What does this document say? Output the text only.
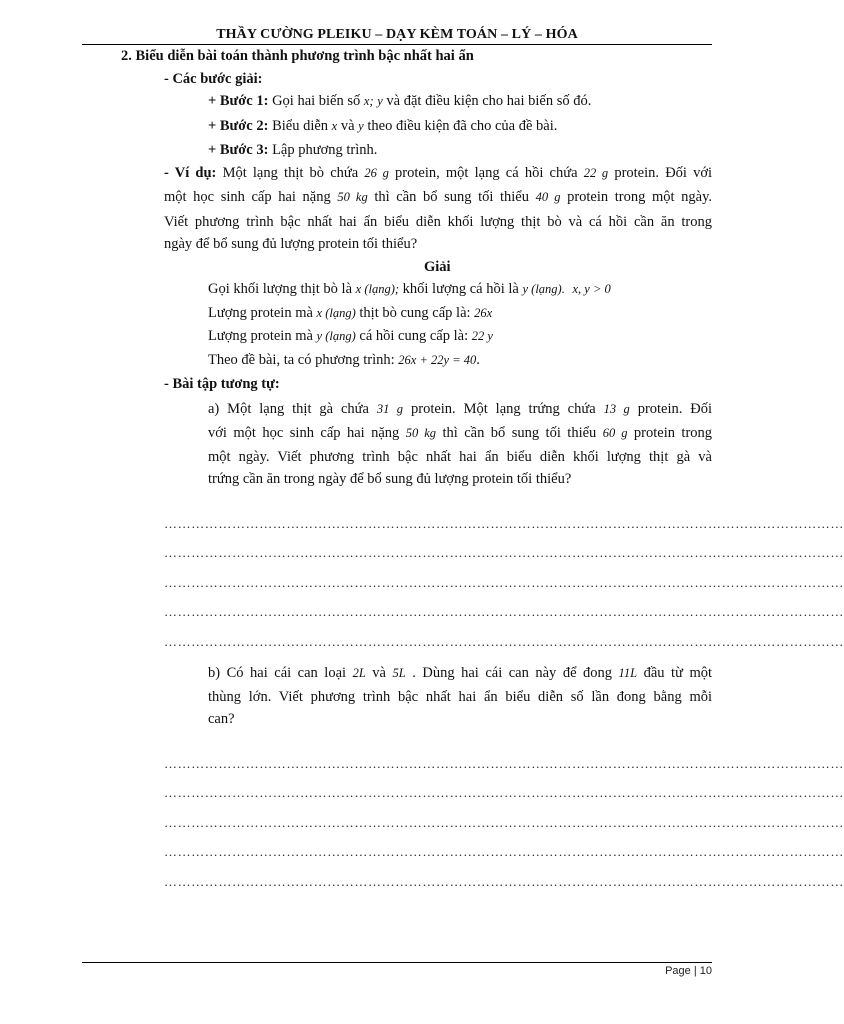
THẦY CƯỜNG PLEIKU – DẠY KÈM TOÁN – LÝ – HÓA
2. Biểu diễn bài toán thành phương trình bậc nhất hai ẩn
- Các bước giải:
+ Bước 1: Gọi hai biến số x; y và đặt điều kiện cho hai biến số đó.
+ Bước 2: Biểu diễn x và y theo điều kiện đã cho của đề bài.
+ Bước 3: Lập phương trình.
- Ví dụ: Một lạng thịt bò chứa 26 g protein, một lạng cá hồi chứa 22 g protein. Đối với
một học sinh cấp hai nặng 50 kg thì cần bổ sung tối thiểu 40 g protein trong một ngày.
Viết phương trình bậc nhất hai ẩn biểu diễn khối lượng thịt bò và cá hồi cần ăn trong
ngày để bổ sung đủ lượng protein tối thiểu?
Giải
Gọi khối lượng thịt bò là x (lạng); khối lượng cá hồi là y (lạng). x, y > 0
Lượng protein mà x (lạng) thịt bò cung cấp là: 26x
Lượng protein mà y (lạng) cá hồi cung cấp là: 22 y
Theo đề bài, ta có phương trình: 26x + 22y = 40.
- Bài tập tương tự:
a) Một lạng thịt gà chứa 31 g protein. Một lạng trứng chứa 13 g protein. Đối
với một học sinh cấp hai nặng 50 kg thì cần bổ sung tối thiểu 60 g protein trong
một ngày. Viết phương trình bậc nhất hai ẩn biểu diễn khối lượng thịt gà và
trứng cần ăn trong ngày để bổ sung đủ lượng protein tối thiểu?
……………………………………………………………………………………………………………………………………
……………………………………………………………………………………………………………………………………
……………………………………………………………………………………………………………………………………
……………………………………………………………………………………………………………………………………
……………………………………………………………………………………………………………………………………
b) Có hai cái can loại 2L và 5L . Dùng hai cái can này để đong 11L đầu từ một
thùng lớn. Viết phương trình bậc nhất hai ẩn biểu diễn số lần đong bằng mỗi
can?
……………………………………………………………………………………………………………………………………
……………………………………………………………………………………………………………………………………
……………………………………………………………………………………………………………………………………
……………………………………………………………………………………………………………………………………
……………………………………………………………………………………………………………………………………
Page | 10
